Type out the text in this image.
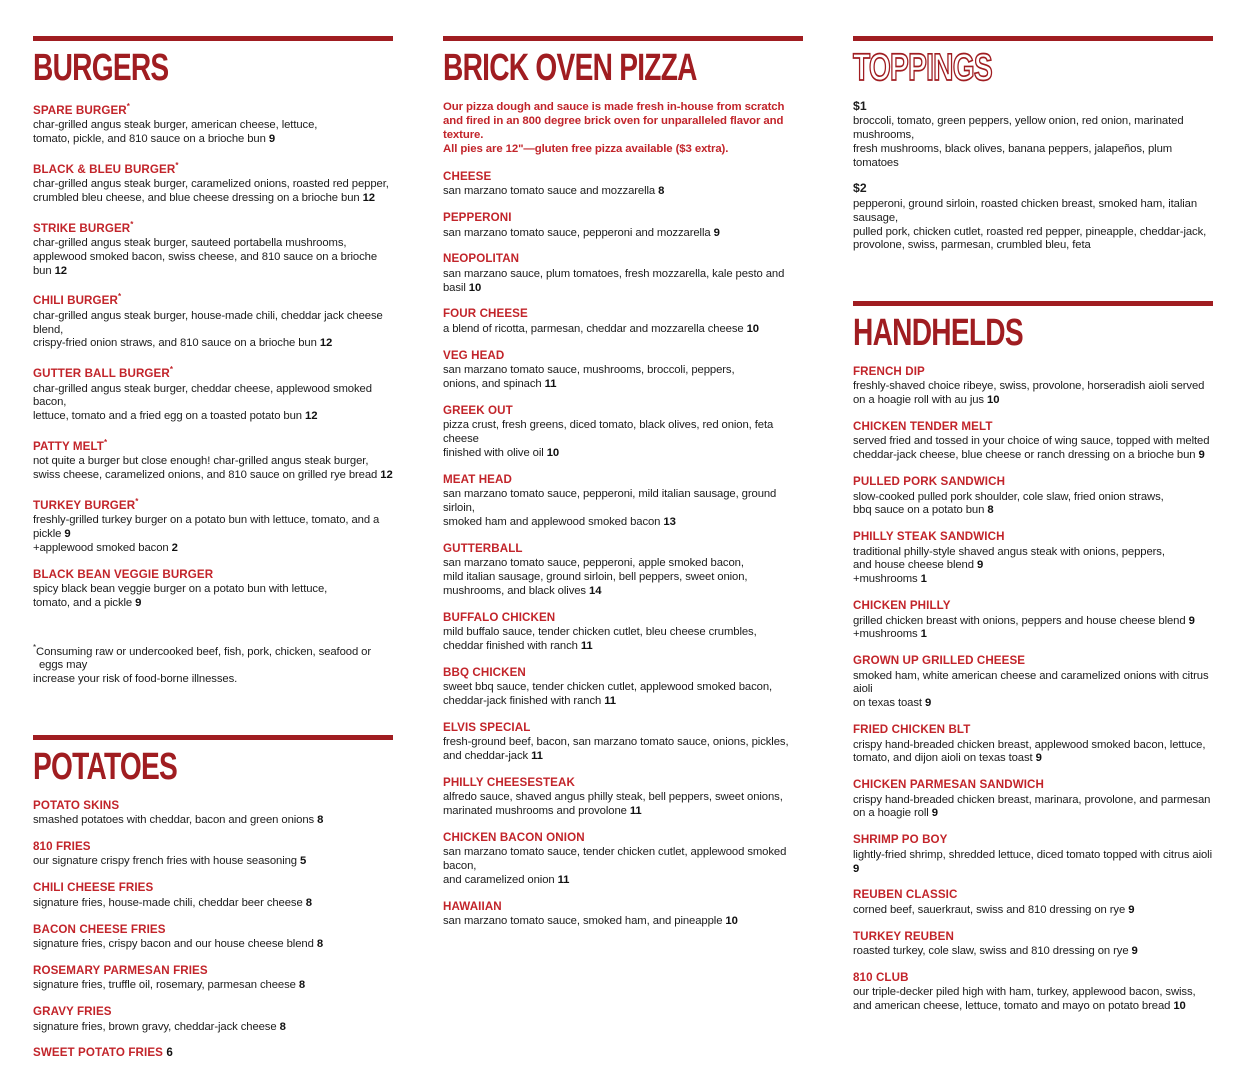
BURGERS
SPARE BURGER*
char-grilled angus steak burger, american cheese, lettuce,
tomato, pickle, and 810 sauce on a brioche bun 9
BLACK & BLEU BURGER*
char-grilled angus steak burger, caramelized onions, roasted red pepper,
crumbled bleu cheese, and blue cheese dressing on a brioche bun 12
STRIKE BURGER*
char-grilled angus steak burger, sauteed portabella mushrooms,
applewood smoked bacon, swiss cheese, and 810 sauce on a brioche bun 12
CHILI BURGER*
char-grilled angus steak burger, house-made chili, cheddar jack cheese blend,
crispy-fried onion straws, and 810 sauce on a brioche bun 12
GUTTER BALL BURGER*
char-grilled angus steak burger, cheddar cheese, applewood smoked bacon,
lettuce, tomato and a fried egg on a toasted potato bun 12
PATTY MELT*
not quite a burger but close enough! char-grilled angus steak burger,
swiss cheese, caramelized onions, and 810 sauce on grilled rye bread 12
TURKEY BURGER*
freshly-grilled turkey burger on a potato bun with lettuce, tomato, and a pickle 9
+applewood smoked bacon 2
BLACK BEAN VEGGIE BURGER
spicy black bean veggie burger on a potato bun with lettuce,
tomato, and a pickle 9
*Consuming raw or undercooked beef, fish, pork, chicken, seafood or eggs may
increase your risk of food-borne illnesses.
POTATOES
POTATO SKINS
smashed potatoes with cheddar, bacon and green onions 8
810 FRIES
our signature crispy french fries with house seasoning 5
CHILI CHEESE FRIES
signature fries, house-made chili, cheddar beer cheese 8
BACON CHEESE FRIES
signature fries, crispy bacon and our house cheese blend 8
ROSEMARY PARMESAN FRIES
signature fries, truffle oil, rosemary, parmesan cheese 8
GRAVY FRIES
signature fries, brown gravy, cheddar-jack cheese 8
SWEET POTATO FRIES 6
BRICK OVEN PIZZA
Our pizza dough and sauce is made fresh in-house from scratch
and fired in an 800 degree brick oven for unparalleled flavor and texture.
All pies are 12"—gluten free pizza available ($3 extra).
CHEESE
san marzano tomato sauce and mozzarella 8
PEPPERONI
san marzano tomato sauce, pepperoni and mozzarella 9
NEOPOLITAN
san marzano sauce, plum tomatoes, fresh mozzarella, kale pesto and basil 10
FOUR CHEESE
a blend of ricotta, parmesan, cheddar and mozzarella cheese 10
VEG HEAD
san marzano tomato sauce, mushrooms, broccoli, peppers,
onions, and spinach 11
GREEK OUT
pizza crust, fresh greens, diced tomato, black olives, red onion, feta cheese
finished with olive oil 10
MEAT HEAD
san marzano tomato sauce, pepperoni, mild italian sausage, ground sirloin,
smoked ham and applewood smoked bacon 13
GUTTERBALL
san marzano tomato sauce, pepperoni, apple smoked bacon,
mild italian sausage, ground sirloin, bell peppers, sweet onion,
mushrooms, and black olives 14
BUFFALO CHICKEN
mild buffalo sauce, tender chicken cutlet, bleu cheese crumbles,
cheddar finished with ranch 11
BBQ CHICKEN
sweet bbq sauce, tender chicken cutlet, applewood smoked bacon,
cheddar-jack finished with ranch 11
ELVIS SPECIAL
fresh-ground beef, bacon, san marzano tomato sauce, onions, pickles,
and cheddar-jack 11
PHILLY CHEESESTEAK
alfredo sauce, shaved angus philly steak, bell peppers, sweet onions,
marinated mushrooms and provolone 11
CHICKEN BACON ONION
san marzano tomato sauce, tender chicken cutlet, applewood smoked bacon,
and caramelized onion 11
HAWAIIAN
san marzano tomato sauce, smoked ham, and pineapple 10
TOPPINGS
$1
broccoli, tomato, green peppers, yellow onion, red onion, marinated mushrooms,
fresh mushrooms, black olives, banana peppers, jalapeños, plum tomatoes
$2
pepperoni, ground sirloin, roasted chicken breast, smoked ham, italian sausage,
pulled pork, chicken cutlet, roasted red pepper, pineapple, cheddar-jack,
provolone, swiss, parmesan, crumbled bleu, feta
HANDHELDS
FRENCH DIP
freshly-shaved choice ribeye, swiss, provolone, horseradish aioli served
on a hoagie roll with au jus 10
CHICKEN TENDER MELT
served fried and tossed in your choice of wing sauce, topped with melted
cheddar-jack cheese, blue cheese or ranch dressing on a brioche bun 9
PULLED PORK SANDWICH
slow-cooked pulled pork shoulder, cole slaw, fried onion straws,
bbq sauce on a potato bun 8
PHILLY STEAK SANDWICH
traditional philly-style shaved angus steak with onions, peppers,
and house cheese blend 9
+mushrooms 1
CHICKEN PHILLY
grilled chicken breast with onions, peppers and house cheese blend 9
+mushrooms 1
GROWN UP GRILLED CHEESE
smoked ham, white american cheese and caramelized onions with citrus aioli
on texas toast 9
FRIED CHICKEN BLT
crispy hand-breaded chicken breast, applewood smoked bacon, lettuce,
tomato, and dijon aioli on texas toast 9
CHICKEN PARMESAN SANDWICH
crispy hand-breaded chicken breast, marinara, provolone, and parmesan
on a hoagie roll 9
SHRIMP PO BOY
lightly-fried shrimp, shredded lettuce, diced tomato topped with citrus aioli 9
REUBEN CLASSIC
corned beef, sauerkraut, swiss and 810 dressing on rye 9
TURKEY REUBEN
roasted turkey, cole slaw, swiss and 810 dressing on rye 9
810 CLUB
our triple-decker piled high with ham, turkey, applewood bacon, swiss,
and american cheese, lettuce, tomato and mayo on potato bread 10
